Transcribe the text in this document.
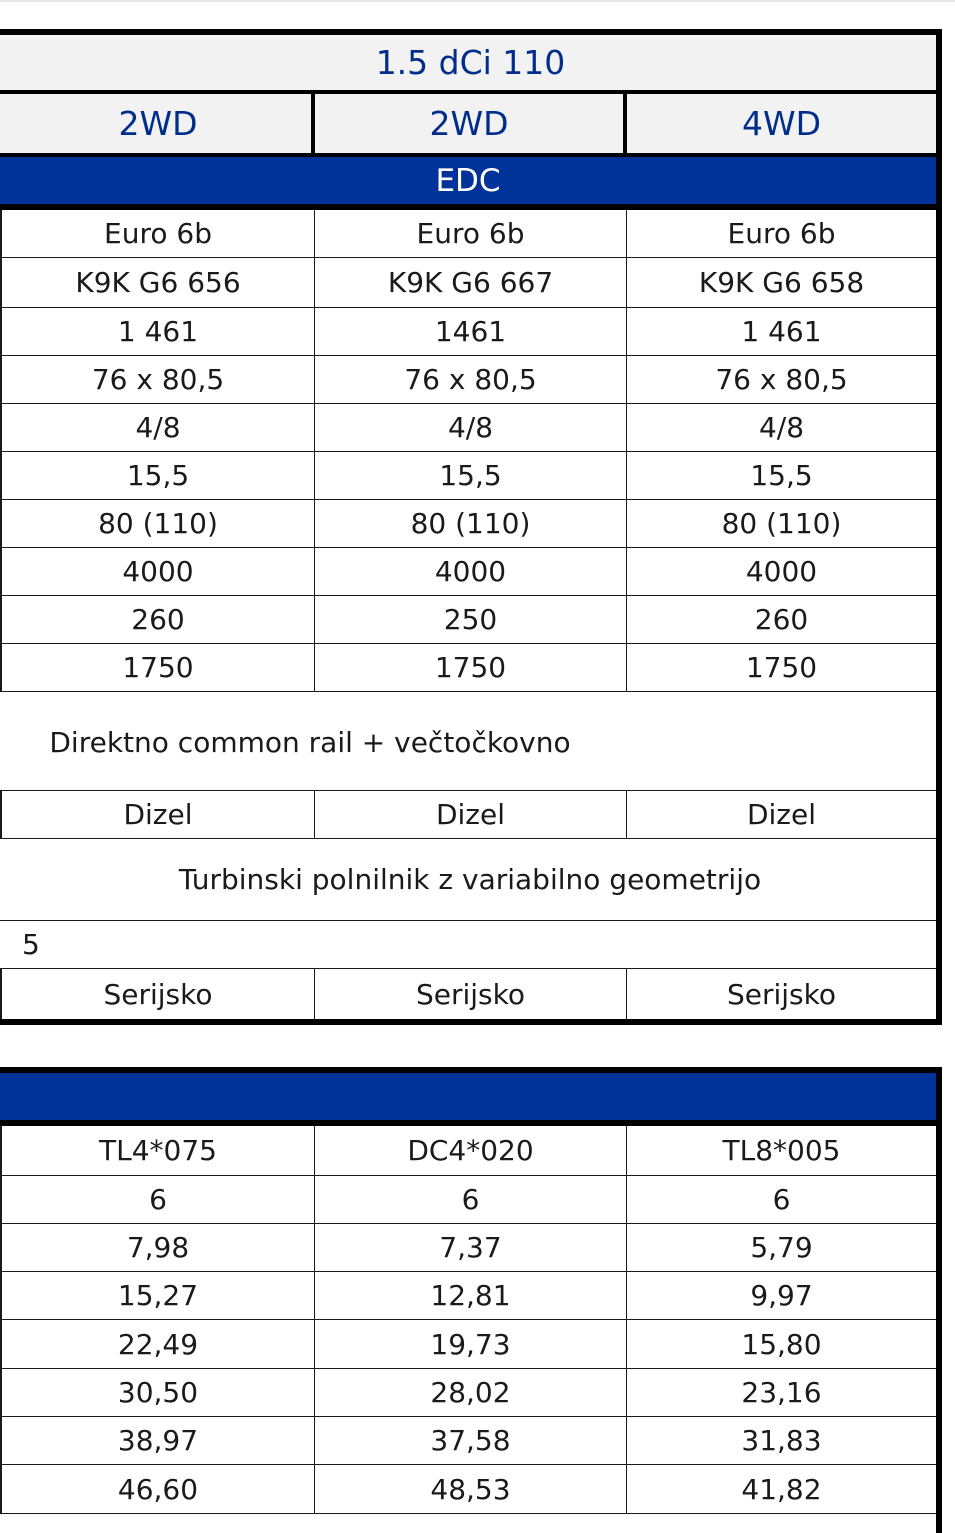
1.5 dCi 110
2WD	2WD	4WD
EDC
Euro 6b	Euro 6b	Euro 6b
K9K G6 656	K9K G6 667	K9K G6 658
1 461	1461	1 461
76 x 80,5	76 x 80,5	76 x 80,5
4/8	4/8	4/8
15,5	15,5	15,5
80 (110)	80 (110)	80 (110)
4000	4000	4000
260	250	260
1750	1750	1750
Direktno common rail + večtočkovno
Dizel	Dizel	Dizel
Turbinski polnilnik z variabilno geometrijo
5
Serijsko	Serijsko	Serijsko
TL4*075	DC4*020	TL8*005
6	6	6
7,98	7,37	5,79
15,27	12,81	9,97
22,49	19,73	15,80
30,50	28,02	23,16
38,97	37,58	31,83
46,60	48,53	41,82
